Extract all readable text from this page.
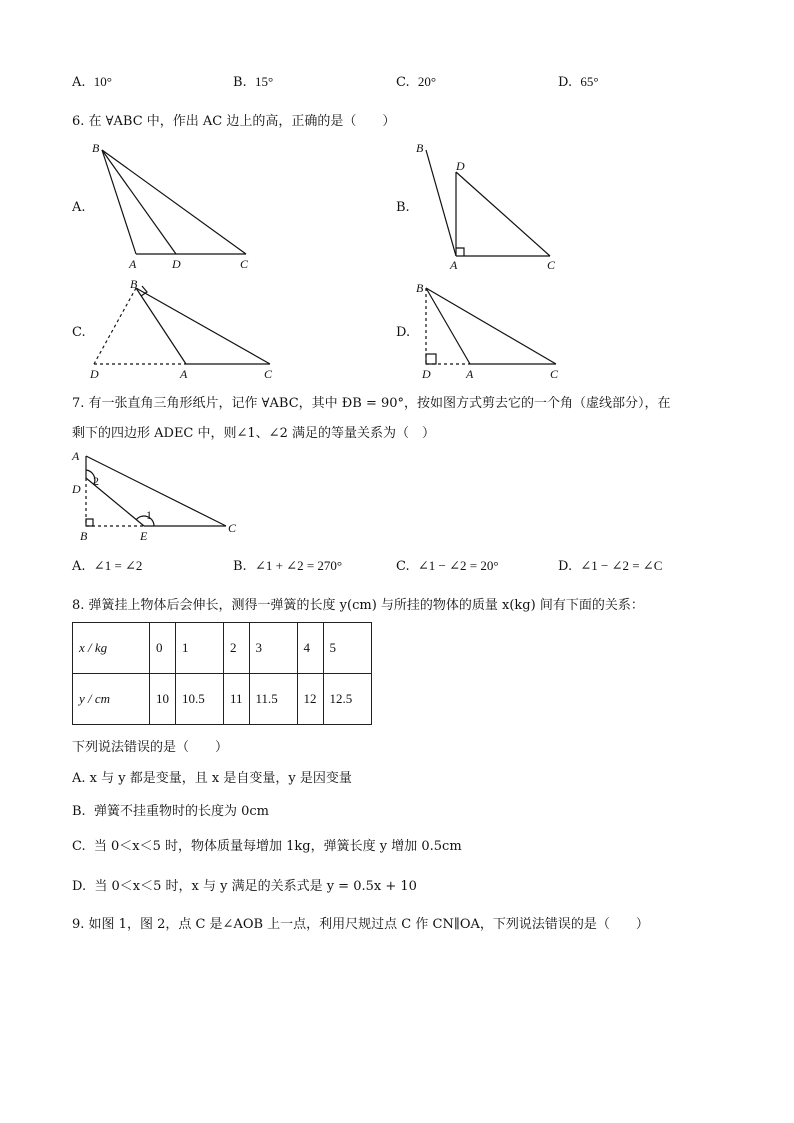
A. 10°	B. 15°	C. 20°	D. 65°
6. 在 ∀ABC 中，作出 AC 边上的高，正确的是（　　）
A.
B
A	D	C
B.
B
D
A	C
C.
B
D	A	C
D.
B
D	A	C
7. 有一张直角三角形纸片，记作 ∀ABC，其中 ÐB = 90°，按如图方式剪去它的一个角（虚线部分），在
剩下的四边形 ADEC 中，则∠1、∠2 满足的等量关系为（　）
A
D
2
1
B	E
C
A. ∠1 = ∠2	B. ∠1 + ∠2 = 270°	C. ∠1 − ∠2 = 20°	D. ∠1 − ∠2 = ∠C
8. 弹簧挂上物体后会伸长，测得一弹簧的长度 y(cm) 与所挂的物体的质量 x(kg) 间有下面的关系：
x / kg	0	1	2	3	4	5
y / cm	10	10.5	11	11.5	12	12.5
下列说法错误的是（　　）
A. x 与 y 都是变量，且 x 是自变量，y 是因变量
B. 弹簧不挂重物时的长度为 0cm
C. 当 0＜x＜5 时，物体质量每增加 1kg，弹簧长度 y 增加 0.5cm
D. 当 0＜x＜5 时，x 与 y 满足的关系式是 y = 0.5x + 10
9. 如图 1，图 2，点 C 是∠AOB 上一点，利用尺规过点 C 作 CN∥OA，下列说法错误的是（　　）
